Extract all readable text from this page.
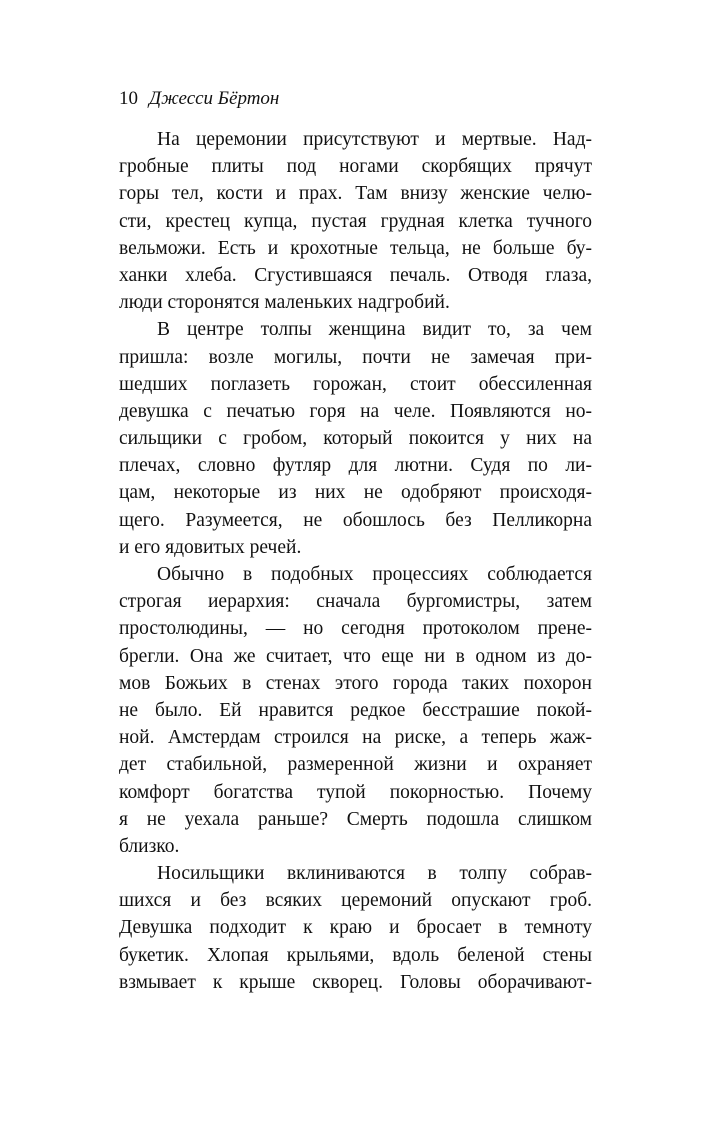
10 Джесси Бёртон

На церемонии присутствуют и мертвые. Над-
гробные плиты под ногами скорбящих прячут
горы тел, кости и прах. Там внизу женские челю-
сти, крестец купца, пустая грудная клетка тучного
вельможи. Есть и крохотные тельца, не больше бу-
ханки хлеба. Сгустившаяся печаль. Отводя глаза,
люди сторонятся маленьких надгробий.

В центре толпы женщина видит то, за чем
пришла: возле могилы, почти не замечая при-
шедших поглазеть горожан, стоит обессиленная
девушка с печатью горя на челе. Появляются но-
сильщики с гробом, который покоится у них на
плечах, словно футляр для лютни. Судя по ли-
цам, некоторые из них не одобряют происходя-
щего. Разумеется, не обошлось без Пелликорна
и его ядовитых речей.

Обычно в подобных процессиях соблюдается
строгая иерархия: сначала бургомистры, затем
простолюдины, — но сегодня протоколом прене-
брегли. Она же считает, что еще ни в одном из до-
мов Божьих в стенах этого города таких похорон
не было. Ей нравится редкое бесстрашие покой-
ной. Амстердам строился на риске, а теперь жаж-
дет стабильной, размеренной жизни и охраняет
комфорт богатства тупой покорностью. Почему
я не уехала раньше? Смерть подошла слишком
близко.

Носильщики вклиниваются в толпу собрав-
шихся и без всяких церемоний опускают гроб.
Девушка подходит к краю и бросает в темноту
букетик. Хлопая крыльями, вдоль беленой стены
взмывает к крыше скворец. Головы оборачивают-
